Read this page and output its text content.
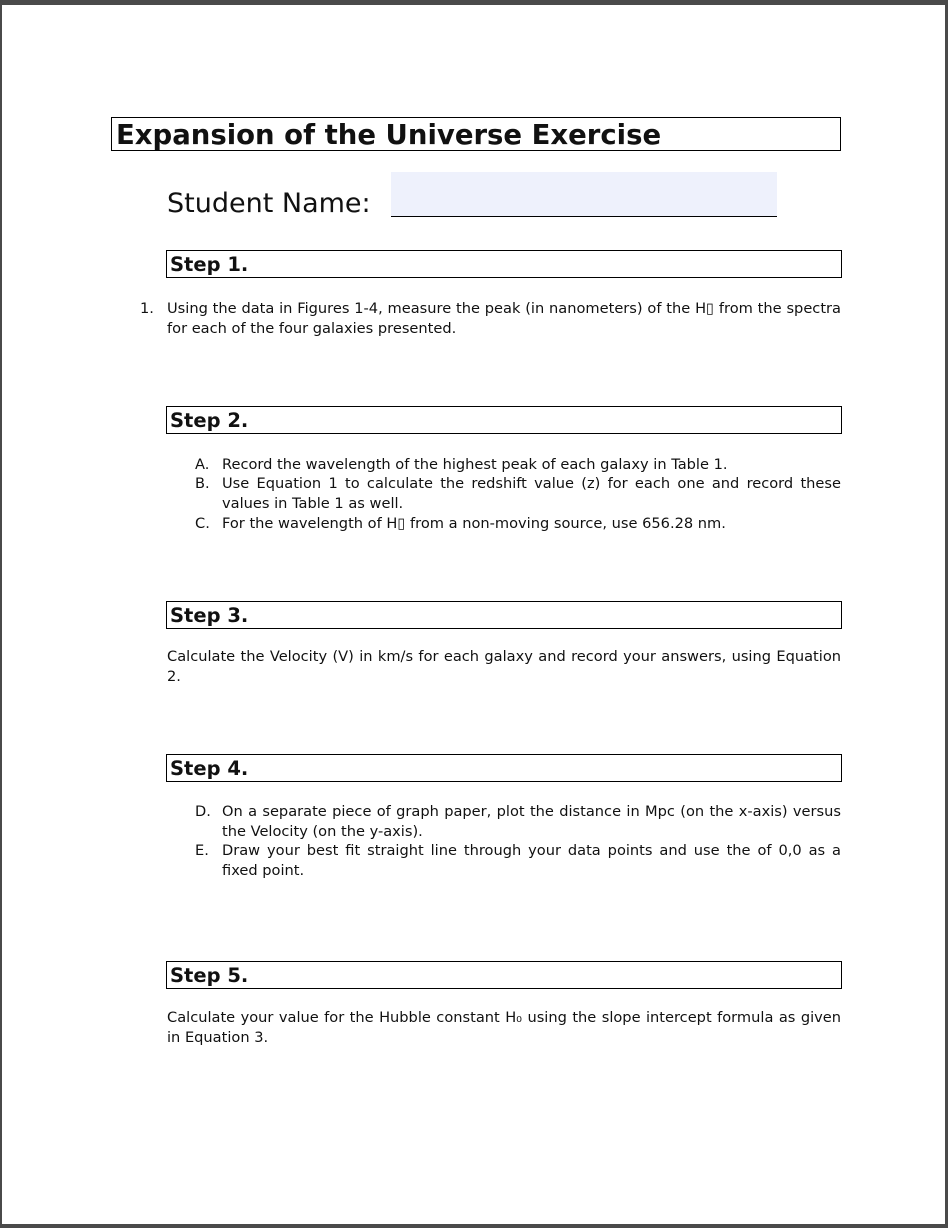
Expansion of the Universe Exercise
Student Name:
Step 1.
1. Using the data in Figures 1-4, measure the peak (in nanometers) of the H▯ from the spectra for each of the four galaxies presented.
Step 2.
A. Record the wavelength of the highest peak of each galaxy in Table 1.
B. Use Equation 1 to calculate the redshift value (z) for each one and record these values in Table 1 as well.
C. For the wavelength of H▯ from a non-moving source, use 656.28 nm.
Step 3.
Calculate the Velocity (V) in km/s for each galaxy and record your answers, using Equation 2.
Step 4.
D. On a separate piece of graph paper, plot the distance in Mpc (on the x-axis) versus the Velocity (on the y-axis).
E. Draw your best fit straight line through your data points and use the of 0,0 as a fixed point.
Step 5.
Calculate your value for the Hubble constant H₀ using the slope intercept formula as given in Equation 3.
